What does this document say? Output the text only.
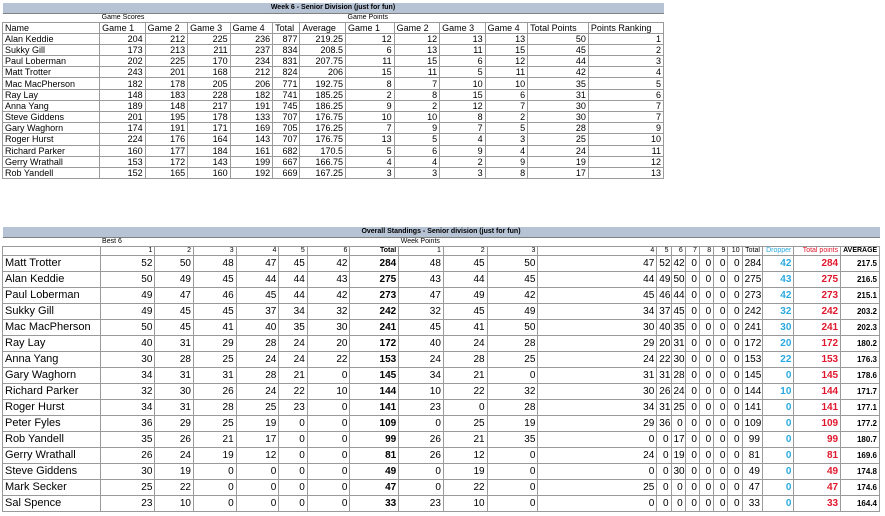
Week 6 - Senior Division (just for fun)												
	Game Scores						Game Points					
Name	Game 1	Game 2	Game 3	Game 4	Total	Average	Game 1	Game 2	Game 3	Game 4	Total Points	Points Ranking
Alan Keddie	204	212	225	236	877	219.25	12	12	13	13	50	1
Sukky Gill	173	213	211	237	834	208.5	6	13	11	15	45	2
Paul Loberman	202	225	170	234	831	207.75	11	15	6	12	44	3
Matt Trotter	243	201	168	212	824	206	15	11	5	11	42	4
Mac MacPherson	182	178	205	206	771	192.75	8	7	10	10	35	5
Ray Lay	148	183	228	182	741	185.25	2	8	15	6	31	6
Anna Yang	189	148	217	191	745	186.25	9	2	12	7	30	7
Steve Giddens	201	195	178	133	707	176.75	10	10	8	2	30	7
Gary Waghorn	174	191	171	169	705	176.25	7	9	7	5	28	9
Roger Hurst	224	176	164	143	707	176.75	13	5	4	3	25	10
Richard Parker	160	177	184	161	682	170.5	5	6	9	4	24	11
Gerry Wrathall	153	172	143	199	667	166.75	4	4	2	9	19	12
Rob Yandell	152	165	160	192	669	167.25	3	3	3	8	17	13
Overall Standings - Senior division (just for fun)																					
	Best 6							Week Points													
	1	2	3	4	5	6	Total	1	2	3	4	5	6	7	8	9	10	Total	Dropper	Total points	AVERAGE
Matt Trotter	52	50	48	47	45	42	284	48	45	50	47	52	42	0	0	0	0	284	42	284	217.5
Alan Keddie	50	49	45	44	44	43	275	43	44	45	44	49	50	0	0	0	0	275	43	275	216.5
Paul Loberman	49	47	46	45	44	42	273	47	49	42	45	46	44	0	0	0	0	273	42	273	215.1
Sukky Gill	49	45	45	37	34	32	242	32	45	49	34	37	45	0	0	0	0	242	32	242	203.2
Mac MacPherson	50	45	41	40	35	30	241	45	41	50	30	40	35	0	0	0	0	241	30	241	202.3
Ray Lay	40	31	29	28	24	20	172	40	24	28	29	20	31	0	0	0	0	172	20	172	180.2
Anna Yang	30	28	25	24	24	22	153	24	28	25	24	22	30	0	0	0	0	153	22	153	176.3
Gary Waghorn	34	31	31	28	21	0	145	34	21	0	31	31	28	0	0	0	0	145	0	145	178.6
Richard Parker	32	30	26	24	22	10	144	10	22	32	30	26	24	0	0	0	0	144	10	144	171.7
Roger Hurst	34	31	28	25	23	0	141	23	0	28	34	31	25	0	0	0	0	141	0	141	177.1
Peter Fyles	36	29	25	19	0	0	109	0	25	19	29	36	0	0	0	0	0	109	0	109	177.2
Rob Yandell	35	26	21	17	0	0	99	26	21	35	0	0	17	0	0	0	0	99	0	99	180.7
Gerry Wrathall	26	24	19	12	0	0	81	26	12	0	24	0	19	0	0	0	0	81	0	81	169.6
Steve Giddens	30	19	0	0	0	0	49	0	19	0	0	0	30	0	0	0	0	49	0	49	174.8
Mark Secker	25	22	0	0	0	0	47	0	22	0	25	0	0	0	0	0	0	47	0	47	174.6
Sal Spence	23	10	0	0	0	0	33	23	10	0	0	0	0	0	0	0	0	33	0	33	164.4
